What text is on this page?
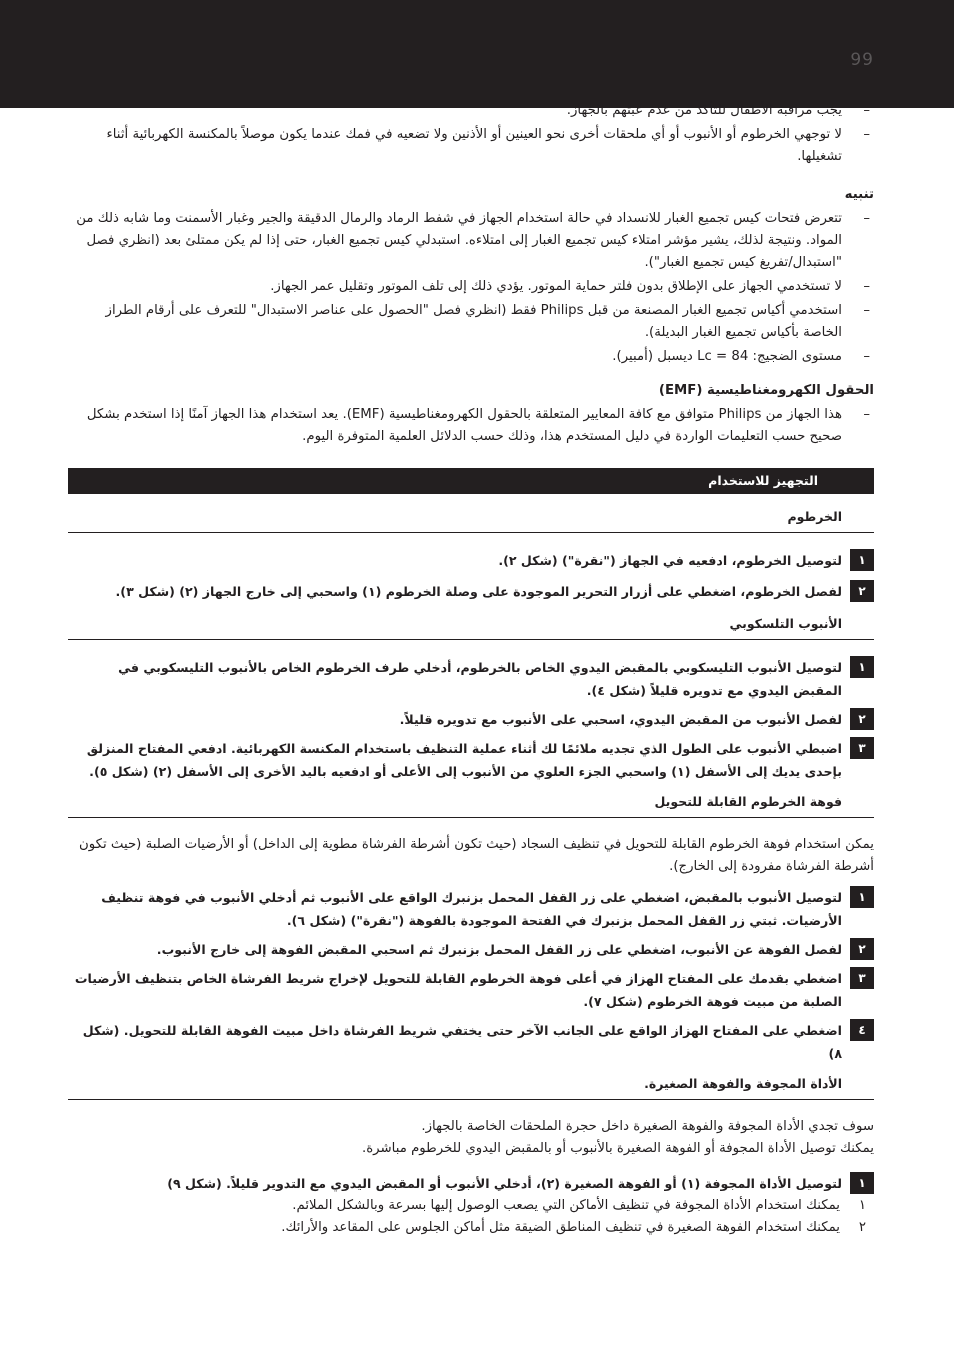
99
–
يجب مراقبة الأطفال للتأكد من عدم عبثهم بالجهاز.
–
لا توجهي الخرطوم أو الأنبوب أو أي ملحقات أخرى نحو العينين أو الأذنين ولا تضعيه في فمك عندما يكون موصلاً بالمكنسة الكهربائية أثناء تشغيلها.
تنبيه
–
تتعرض فتحات كيس تجميع الغبار للانسداد في حالة استخدام الجهاز في شفط الرماد والرمال الدقيقة والجير وغبار الأسمنت وما شابه ذلك من المواد. ونتيجة لذلك، يشير مؤشر امتلاء كيس تجميع الغبار إلى امتلاءه. استبدلي كيس تجميع الغبار، حتى إذا لم يكن ممتلئ بعد (انظري فصل "استبدال/تفريغ كيس تجميع الغبار").
–
لا تستخدمي الجهاز على الإطلاق بدون فلتر حماية الموتور. يؤدي ذلك إلى تلف الموتور وتقليل عمر الجهاز.
–
استخدمي أكياس تجميع الغبار المصنعة من قبل Philips فقط (انظري فصل "الحصول على عناصر الاستبدال" للتعرف على أرقام الطراز الخاصة بأكياس تجميع الغبار البديلة).
–
مستوى الضجيج: Lc = 84 ديسبل (أمبير).
الحقول الكهرومغناطيسية (EMF)
–
هذا الجهاز من Philips متوافق مع كافة المعايير المتعلقة بالحقول الكهرومغناطيسية (EMF). يعد استخدام هذا الجهاز آمنًا إذا استخدم بشكل صحيح حسب التعليمات الواردة في دليل المستخدم هذا، وذلك حسب الدلائل العلمية المتوفرة اليوم.
التجهيز للاستخدام
الخرطوم
١
لتوصيل الخرطوم، ادفعيه في الجهاز ("نقرة") (شكل ٢).
٢
لفصل الخرطوم، اضغطي على أزرار التحرير الموجودة على وصلة الخرطوم (١) واسحبي إلى خارج الجهاز (٢) (شكل ٣).
الأنبوب التلسكوبي
١
لتوصيل الأنبوب التليسكوبي بالمقبض اليدوي الخاص بالخرطوم، أدخلي طرف الخرطوم الخاص بالأنبوب التليسكوبي في المقبض اليدوي مع تدويره قليلاً (شكل ٤).
٢
لفصل الأنبوب من المقبض اليدوي، اسحبي على الأنبوب مع تدويره قليلاً.
٣
اضبطي الأنبوب على الطول الذي تجديه ملائمًا لك أثناء عملية التنظيف باستخدام المكنسة الكهربائية. ادفعي المفتاح المنزلق بإحدى يديك إلى الأسفل (١) واسحبي الجزء العلوي من الأنبوب إلى الأعلى أو ادفعيه باليد الأخرى إلى الأسفل (٢) (شكل ٥).
فوهة الخرطوم القابلة للتحويل

يمكن استخدام فوهة الخرطوم القابلة للتحويل في تنظيف السجاد (حيث تكون أشرطة الفرشاة مطوية إلى الداخل) أو الأرضيات الصلبة (حيث تكون أشرطة الفرشاة مفرودة إلى الخارج).

١
لتوصيل الأنبوب بالمقبض، اضغطي على زر القفل المحمل بزنبرك الواقع على الأنبوب ثم أدخلي الأنبوب في فوهة تنظيف الأرضيات. ثبتي زر القفل المحمل بزنبرك في الفتحة الموجودة بالفوهة ("نقرة") (شكل ٦).
٢
لفصل الفوهة عن الأنبوب، اضغطي على زر القفل المحمل بزنبرك ثم اسحبي المقبض الفوهة إلى خارج الأنبوب.
٣
اضغطي بقدمك على المفتاح الهزاز في أعلى فوهة الخرطوم القابلة للتحويل لإخراج شريط الفرشاة الخاص بتنظيف الأرضيات الصلبة من مبيت فوهة الخرطوم (شكل ٧).
٤
اضغطي على المفتاح الهزاز الواقع على الجانب الآخر حتى يختفي شريط الفرشاة داخل مبيت الفوهة القابلة للتحويل. (شكل ٨)
الأداة المجوفة والفوهة الصغيرة.

سوف تجدي الأداة المجوفة والفوهة الصغيرة داخل حجرة الملحقات الخاصة بالجهاز.

يمكنك توصيل الأداة المجوفة أو الفوهة الصغيرة بالأنبوب أو بالمقبض اليدوي للخرطوم مباشرة.

١
لتوصيل الأداة المجوفة (١) أو الفوهة الصغيرة (٢)، أدخلي الأنبوب أو المقبض اليدوي مع التدوير قليلاً. (شكل ٩)
١
يمكنك استخدام الأداة المجوفة في تنظيف الأماكن التي يصعب الوصول إليها بسرعة وبالشكل الملائم.
٢
يمكنك استخدام الفوهة الصغيرة في تنظيف المناطق الضيقة مثل أماكن الجلوس على المقاعد والأرائك.
